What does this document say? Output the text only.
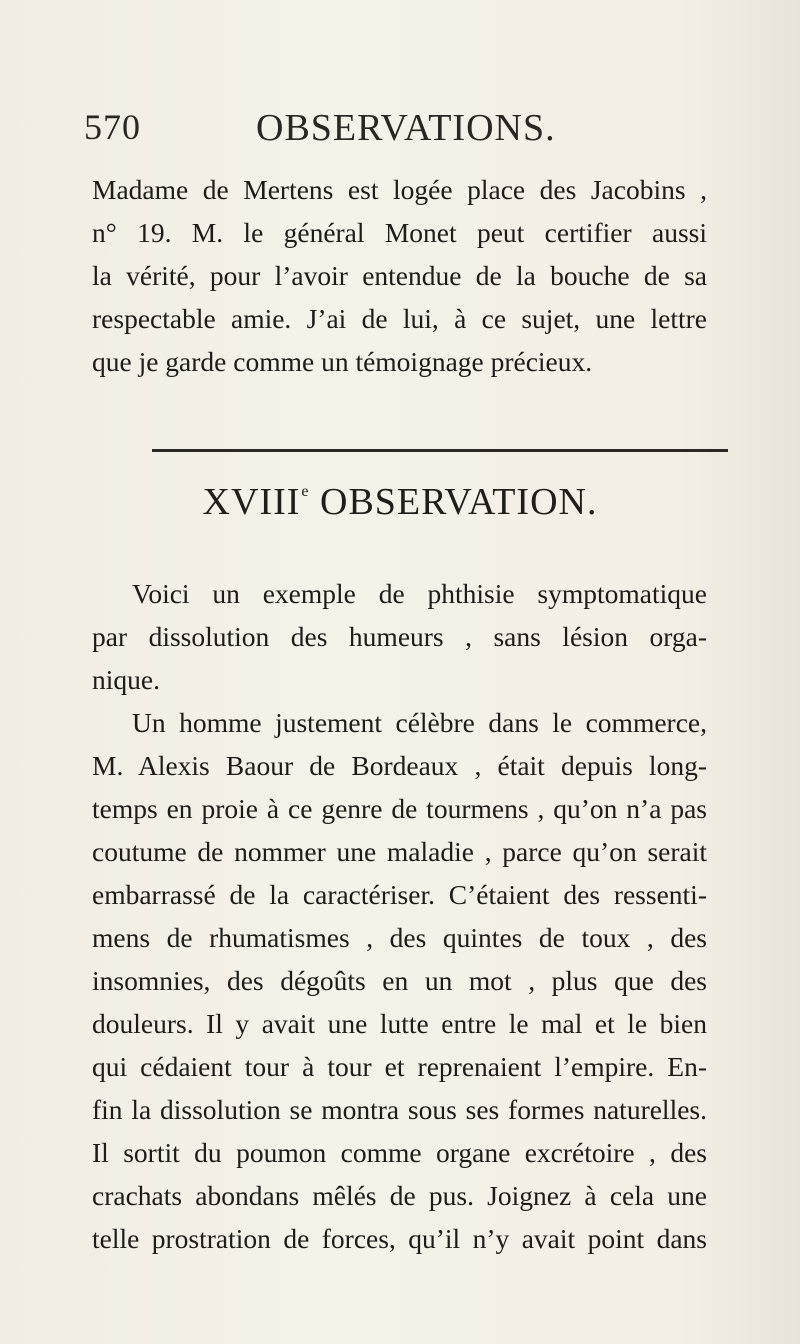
570	OBSERVATIONS.
Madame de Mertens est logée place des Jacobins ,
n° 19. M. le général Monet peut certifier aussi
la vérité, pour l’avoir entendue de la bouche de sa
respectable amie. J’ai de lui, à ce sujet, une lettre
que je garde comme un témoignage précieux.
XVIIIe OBSERVATION.
Voici un exemple de phthisie symptomatique
par dissolution des humeurs , sans lésion orga-
nique.
Un homme justement célèbre dans le commerce,
M. Alexis Baour de Bordeaux , était depuis long-
temps en proie à ce genre de tourmens , qu’on n’a pas
coutume de nommer une maladie , parce qu’on serait
embarrassé de la caractériser. C’étaient des ressenti-
mens de rhumatismes , des quintes de toux , des
insomnies, des dégoûts en un mot , plus que des
douleurs. Il y avait une lutte entre le mal et le bien
qui cédaient tour à tour et reprenaient l’empire. En-
fin la dissolution se montra sous ses formes naturelles.
Il sortit du poumon comme organe excrétoire , des
crachats abondans mêlés de pus. Joignez à cela une
telle prostration de forces, qu’il n’y avait point dans
